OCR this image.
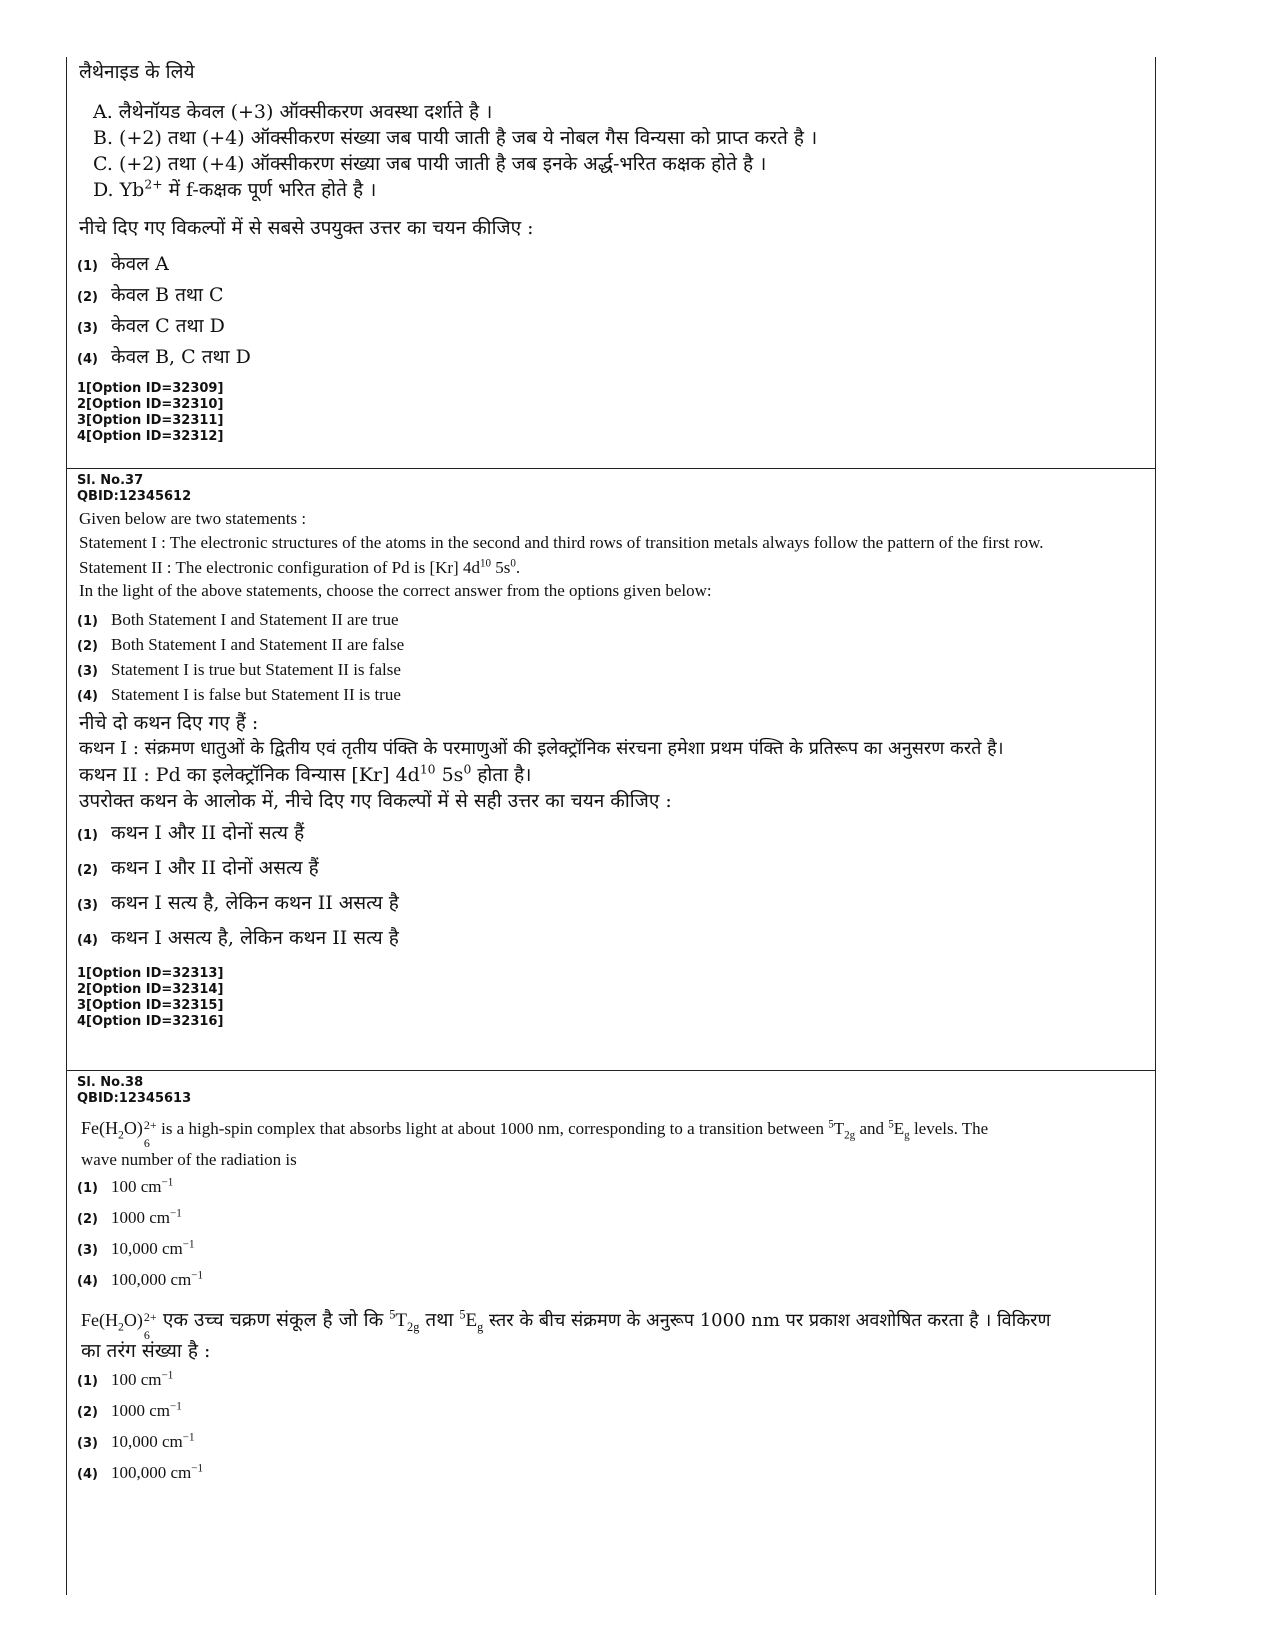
लैथेनाइड के लिये

A. लैथेनॉयड केवल (+3) ऑक्सीकरण अवस्था दर्शाते है ।

B. (+2) तथा (+4) ऑक्सीकरण संख्या जब पायी जाती है जब ये नोबल गैस विन्यसा को प्राप्त करते है ।

C. (+2) तथा (+4) ऑक्सीकरण संख्या जब पायी जाती है जब इनके अर्द्ध-भरित कक्षक होते है ।

D. $Yb^{2+}$ में f-कक्षक पूर्ण भरित होते है ।

नीचे दिए गए विकल्पों में से सबसे उपयुक्त उत्तर का चयन कीजिए :

(1) केवल A
(2) केवल B तथा C
(3) केवल C तथा D
(4) केवल B, C तथा D
1[Option ID=32309]
2[Option ID=32310]
3[Option ID=32311]
4[Option ID=32312]
Sl. No.37
QBID:12345612

Given below are two statements :

Statement I : The electronic structures of the atoms in the second and third rows of transition metals always follow the pattern of the first row.

Statement II : The electronic configuration of Pd is [Kr] $4d^{10}$ $5s^0$.

In the light of the above statements, choose the correct answer from the options given below:

(1) Both Statement I and Statement II are true
(2) Both Statement I and Statement II are false
(3) Statement I is true but Statement II is false
(4) Statement I is false but Statement II is true

नीचे दो कथन दिए गए हैं :

कथन I : संक्रमण धातुओं के द्वितीय एवं तृतीय पंक्ति के परमाणुओं की इलेक्ट्रॉनिक संरचना हमेशा प्रथम पंक्ति के प्रतिरूप का अनुसरण करते है।

कथन II : Pd का इलेक्ट्रॉनिक विन्यास [Kr] $4d^{10}$ $5s^0$ होता है।

उपरोक्त कथन के आलोक में, नीचे दिए गए विकल्पों में से सही उत्तर का चयन कीजिए :

(1) कथन I और II दोनों सत्य हैं
(2) कथन I और II दोनों असत्य हैं
(3) कथन I सत्य है, लेकिन कथन II असत्य है
(4) कथन I असत्य है, लेकिन कथन II सत्य है
1[Option ID=32313]
2[Option ID=32314]
3[Option ID=32315]
4[Option ID=32316]
Sl. No.38
QBID:12345613

$Fe(H_2O)$ 2+
6
is a high-spin complex that absorbs light at about 1000 nm, corresponding to a transition between $^5T_{2g}$ and $^5E_g$ levels. The

wave number of the radiation is

(1) 100 $cm^{-1}$
(2) 1000 $cm^{-1}$
(3) 10,000 $cm^{-1}$
(4) 100,000 $cm^{-1}$

$Fe(H_2O)$ 2+
6
एक उच्च चक्रण संकूल है जो कि $^5T_{2g}$ तथा $^5E_g$ स्तर के बीच संक्रमण के अनुरूप 1000 nm पर प्रकाश अवशोषित करता है । विकिरण

का तरंग संख्या है :

(1) 100 $cm^{-1}$
(2) 1000 $cm^{-1}$
(3) 10,000 $cm^{-1}$
(4) 100,000 $cm^{-1}$
